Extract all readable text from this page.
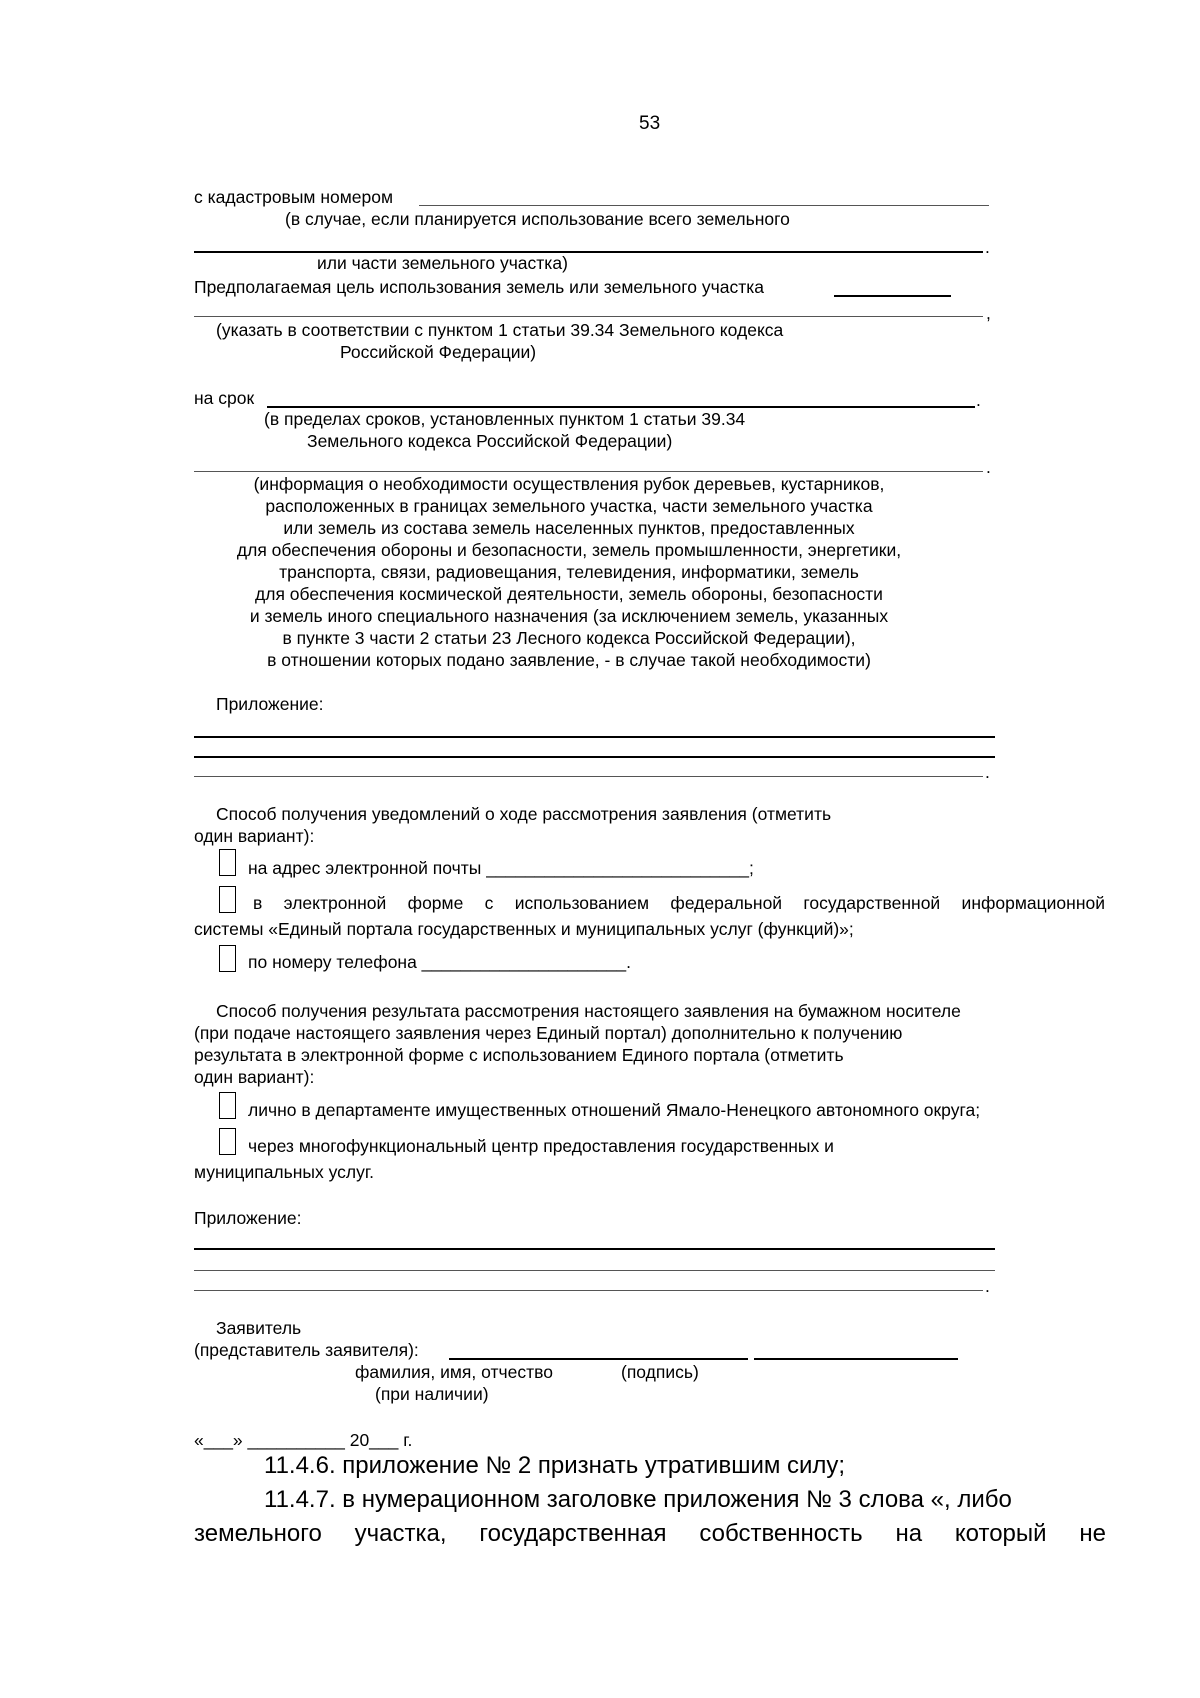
53
с кадастровым номером
(в случае, если планируется использование всего земельного
.
или части земельного участка)
Предполагаемая цель использования земель или земельного участка
,
(указать в соответствии с пунктом 1 статьи 39.34 Земельного кодекса
Российской Федерации)
на срок	.
(в пределах сроков, установленных пунктом 1 статьи 39.34
Земельного кодекса Российской Федерации)
.
(информация о необходимости осуществления рубок деревьев, кустарников,
расположенных в границах земельного участка, части земельного участка
или земель из состава земель населенных пунктов, предоставленных
для обеспечения обороны и безопасности, земель промышленности, энергетики,
транспорта, связи, радиовещания, телевидения, информатики, земель
для обеспечения космической деятельности, земель обороны, безопасности
и земель иного специального назначения (за исключением земель, указанных
в пункте 3 части 2 статьи 23 Лесного кодекса Российской Федерации),
в отношении которых подано заявление, - в случае такой необходимости)
Приложение:
.
Способ получения уведомлений о ходе рассмотрения заявления (отметить
один вариант):
на адрес электронной почты ___________________________;
в электронной форме с использованием федеральной государственной информационной
системы «Единый портала государственных и муниципальных услуг (функций)»;
по номеру телефона _____________________.
Способ получения результата рассмотрения настоящего заявления на бумажном носителе
(при подаче настоящего заявления через Единый портал) дополнительно к получению
результата в электронной форме с использованием Единого портала (отметить
один вариант):
лично в департаменте имущественных отношений Ямало-Ненецкого автономного округа;
через многофункциональный центр предоставления государственных и
муниципальных услуг.
Приложение:
.
Заявитель
(представитель заявителя):
фамилия, имя, отчество	(подпись)
(при наличии)
«___» __________ 20___ г.
11.4.6. приложение № 2 признать утратившим силу;
11.4.7. в нумерационном заголовке приложения № 3 слова «, либо
земельного участка, государственная собственность на который не
